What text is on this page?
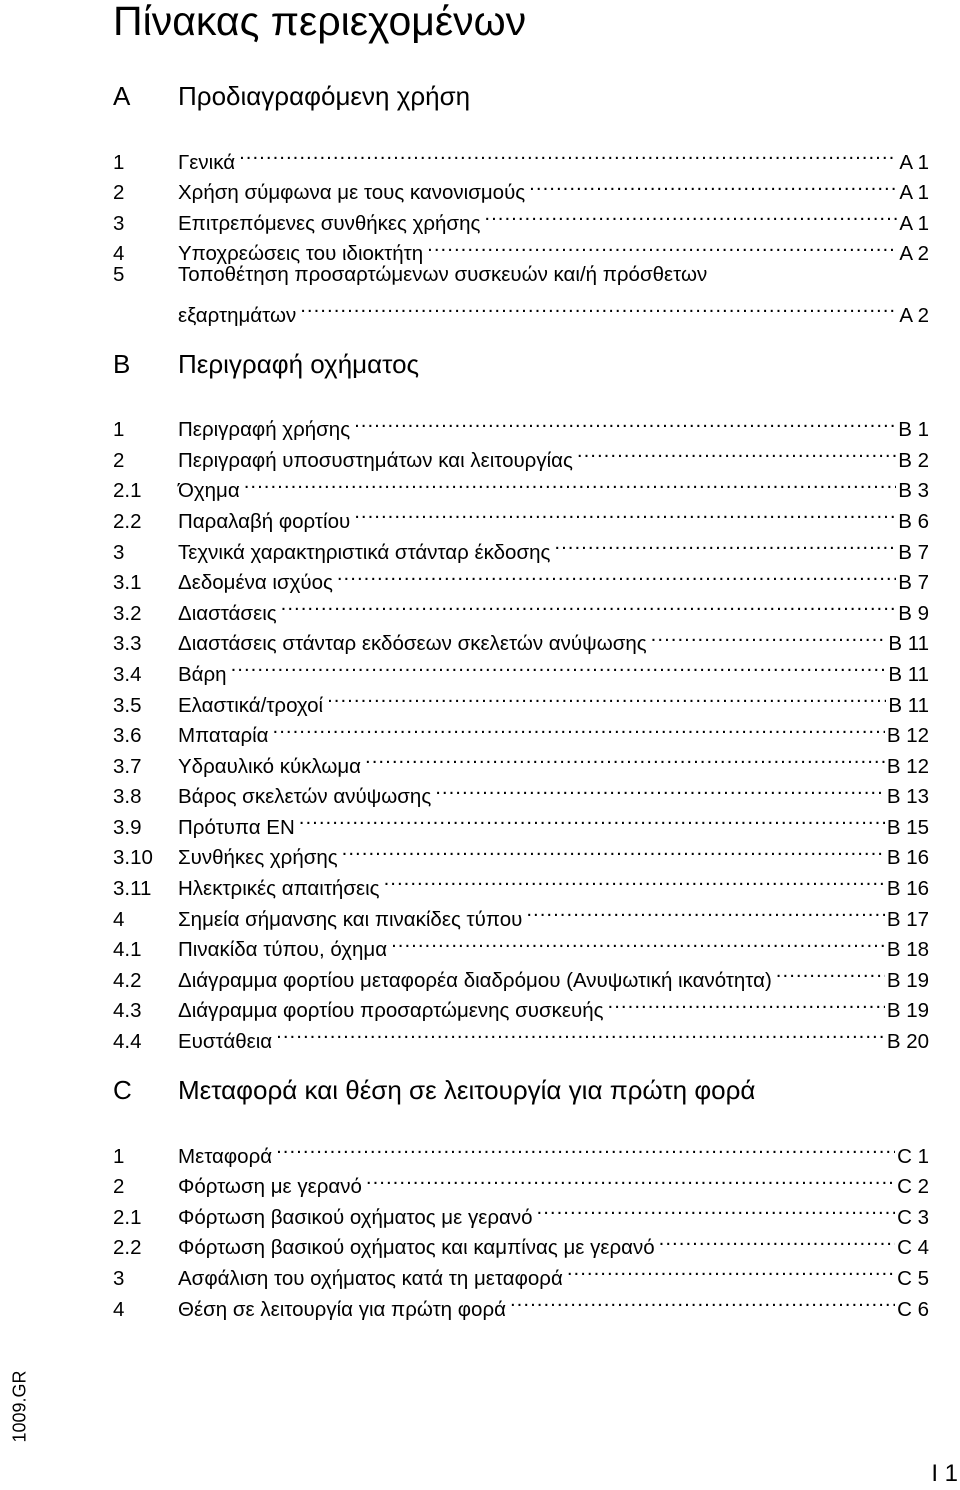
Πίνακας περιεχομένων
A	Προδιαγραφόμενη χρήση
1	Γενικά .....	A 1
2	Χρήση σύμφωνα με τους κανονισμούς .....	A 1
3	Επιτρεπόμενες συνθήκες χρήσης .....	A 1
4	Υποχρεώσεις του ιδιοκτήτη .....	A 2
5	Τοποθέτηση προσαρτώμενων συσκευών και/ή πρόσθετων
εξαρτημάτων .....	A 2
B	Περιγραφή οχήματος
1	Περιγραφή χρήσης .....	B 1
2	Περιγραφή υποσυστημάτων και λειτουργίας .....	B 2
2.1	Όχημα .....	B 3
2.2	Παραλαβή φορτίου .....	B 6
3	Τεχνικά χαρακτηριστικά στάνταρ έκδοσης .....	B 7
3.1	Δεδομένα ισχύος .....	B 7
3.2	Διαστάσεις .....	B 9
3.3	Διαστάσεις στάνταρ εκδόσεων σκελετών ανύψωσης .....	B 11
3.4	Βάρη .....	B 11
3.5	Ελαστικά/τροχοί .....	B 11
3.6	Μπαταρία .....	B 12
3.7	Υδραυλικό κύκλωμα .....	B 12
3.8	Βάρος σκελετών ανύψωσης .....	B 13
3.9	Πρότυπα EN .....	B 15
3.10	Συνθήκες χρήσης .....	B 16
3.11	Ηλεκτρικές απαιτήσεις .....	B 16
4	Σημεία σήμανσης και πινακίδες τύπου .....	B 17
4.1	Πινακίδα τύπου, όχημα .....	B 18
4.2	Διάγραμμα φορτίου μεταφορέα διαδρόμου (Ανυψωτική ικανότητα) .....	B 19
4.3	Διάγραμμα φορτίου προσαρτώμενης συσκευής .....	B 19
4.4	Ευστάθεια .....	B 20
C	Μεταφορά και θέση σε λειτουργία για πρώτη φορά
1	Μεταφορά .....	C 1
2	Φόρτωση με γερανό .....	C 2
2.1	Φόρτωση βασικού οχήματος με γερανό .....	C 3
2.2	Φόρτωση βασικού οχήματος και καμπίνας με γερανό .....	C 4
3	Ασφάλιση του οχήματος κατά τη μεταφορά .....	C 5
4	Θέση σε λειτουργία για πρώτη φορά .....	C 6
1009.GR
I 1
